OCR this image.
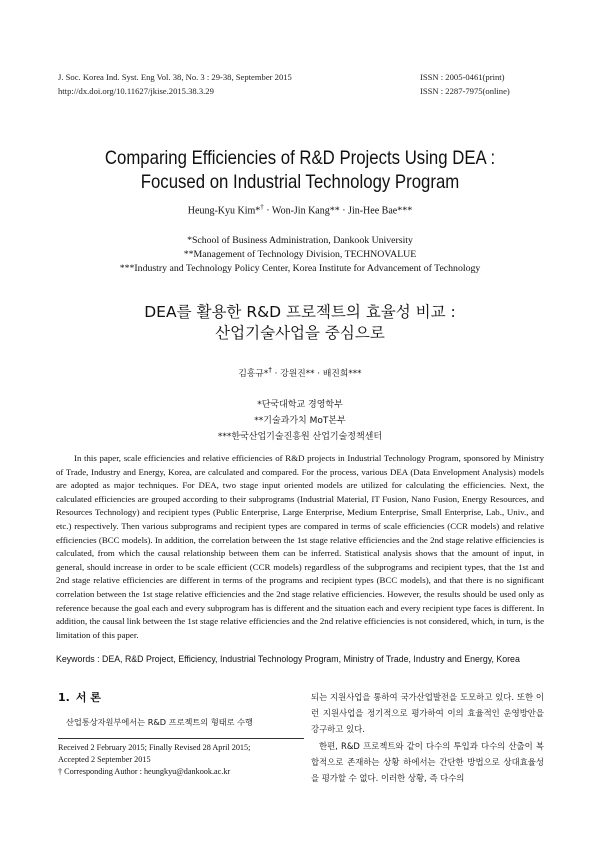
J. Soc. Korea Ind. Syst. Eng Vol. 38, No. 3 : 29-38, September 2015
http://dx.doi.org/10.11627/jkise.2015.38.3.29
ISSN : 2005-0461(print)
ISSN : 2287-7975(online)
Comparing Efficiencies of R&D Projects Using DEA :
Focused on Industrial Technology Program
Heung-Kyu Kim*† · Won-Jin Kang** · Jin-Hee Bae***
*School of Business Administration, Dankook University
**Management of Technology Division, TECHNOVALUE
***Industry and Technology Policy Center, Korea Institute for Advancement of Technology
DEA를 활용한 R&D 프로젝트의 효율성 비교 :
산업기술사업을 중심으로
김흥규*† · 강원진** · 배진희***
*단국대학교 경영학부
**기술과가치 MoT본부
***한국산업기술진흥원 산업기술정책센터
In this paper, scale efficiencies and relative efficiencies of R&D projects in Industrial Technology Program, sponsored by Ministry of Trade, Industry and Energy, Korea, are calculated and compared. For the process, various DEA (Data Envelopment Analysis) models are adopted as major techniques. For DEA, two stage input oriented models are utilized for calculating the efficiencies. Next, the calculated efficiencies are grouped according to their subprograms (Industrial Material, IT Fusion, Nano Fusion, Energy Resources, and Resources Technology) and recipient types (Public Enterprise, Large Enterprise, Medium Enterprise, Small Enterprise, Lab., Univ., and etc.) respectively. Then various subprograms and recipient types are compared in terms of scale efficiencies (CCR models) and relative efficiencies (BCC models). In addition, the correlation between the 1st stage relative efficiencies and the 2nd stage relative efficiencies is calculated, from which the causal relationship between them can be inferred. Statistical analysis shows that the amount of input, in general, should increase in order to be scale efficient (CCR models) regardless of the subprograms and recipient types, that the 1st and 2nd stage relative efficiencies are different in terms of the programs and recipient types (BCC models), and that there is no significant correlation between the 1st stage relative efficiencies and the 2nd stage relative efficiencies. However, the results should be used only as reference because the goal each and every subprogram has is different and the situation each and every recipient type faces is different. In addition, the causal link between the 1st stage relative efficiencies and the 2nd relative efficiencies is not considered, which, in turn, is the limitation of this paper.
Keywords : DEA, R&D Project, Efficiency, Industrial Technology Program, Ministry of Trade, Industry and Energy, Korea
1. 서 론
산업통상자원부에서는 R&D 프로젝트의 형태로 수행
Received 2 February 2015; Finally Revised 28 April 2015;
Accepted 2 September 2015
† Corresponding Author : heungkyu@dankook.ac.kr

되는 지원사업을 통하여 국가산업발전을 도모하고 있다. 또한 이런 지원사업을 정기적으로 평가하여 이의 효율적인 운영방안을 강구하고 있다.

한편, R&D 프로젝트와 같이 다수의 투입과 다수의 산출이 복합적으로 존재하는 상황 하에서는 간단한 방법으로 상대효율성을 평가할 수 없다. 이러한 상황, 즉 다수의
